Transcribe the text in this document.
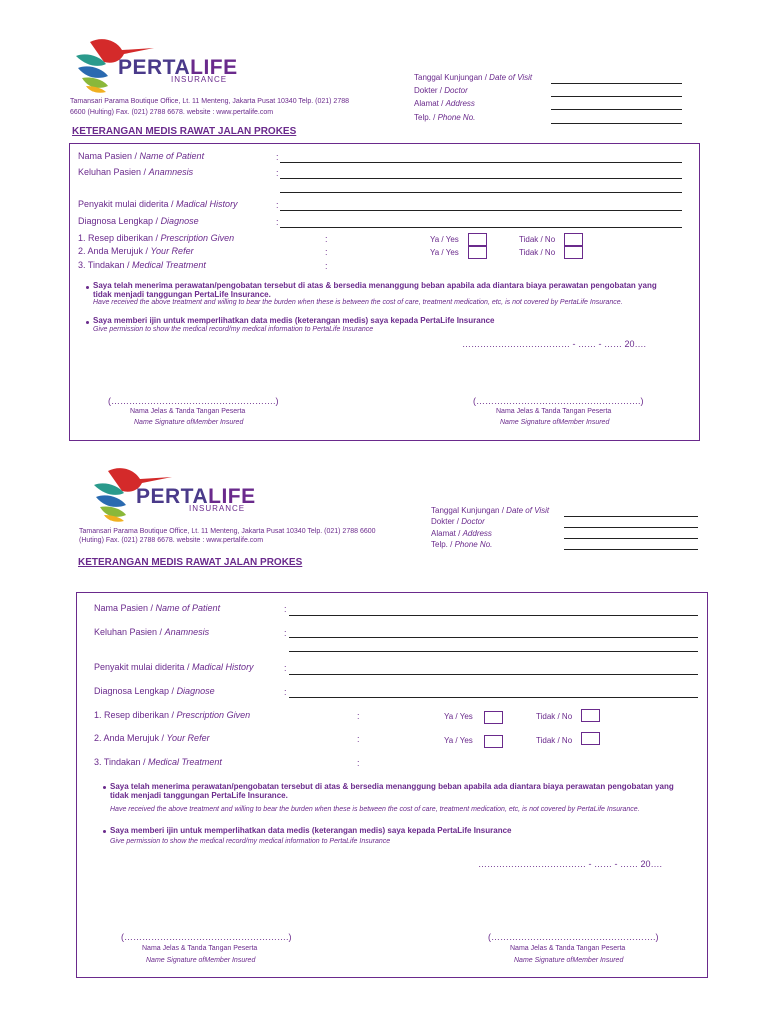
PERTALIFE
INSURANCE
Tamansari Parama Boutique Office, Lt. 11 Menteng, Jakarta Pusat 10340 Telp. (021) 2788 6600 (Hulting) Fax. (021) 2788 6678. website : www.pertalife.com
Tanggal Kunjungan / Date of Visit
Dokter / Doctor
Alamat / Address
Telp. / Phone No.
KETERANGAN MEDIS RAWAT JALAN PROKES
Nama Pasien / Name of Patient	:
Keluhan Pasien / Anamnesis	:
Penyakit mulai diderita / Madical History	:
Diagnosa Lengkap / Diagnose	:
1. Resep diberikan / Prescription Given	:	Ya / Yes	Tidak / No
2. Anda Merujuk / Your Refer	:	Ya / Yes	Tidak / No
3. Tindakan / Medical Treatment	:
Saya telah menerima perawatan/pengobatan tersebut di atas & bersedia menanggung beban apabila ada diantara biaya perawatan pengobatan yang tidak menjadi tanggungan PertaLife Insurance.
Have received the above treatment and willing to bear the burden when these is between the cost of care, treatment medication, etc, is not covered by PertaLife Insurance.
Saya memberi ijin untuk memperlihatkan data medis (keterangan medis) saya kepada PertaLife Insurance
Give permission to show the medical record/my medical information to PertaLife Insurance
……………………………… - …… - …… 20….
(……………………………………………….)
Nama Jelas & Tanda Tangan Peserta
Name Signature ofMember Insured
(……………………………………………….)
Nama Jelas & Tanda Tangan Peserta
Name Signature ofMember Insured
PERTALIFE
INSURANCE
Tamansari Parama Boutique Office, Lt. 11 Menteng, Jakarta Pusat 10340 Telp. (021) 2788 6600
(Huting) Fax. (021) 2788 6678. website : www.pertalife.com
Tanggal Kunjungan / Date of Visit
Dokter / Doctor
Alamat / Address
Telp. / Phone No.
KETERANGAN MEDIS RAWAT JALAN PROKES
Nama Pasien / Name of Patient	:
Keluhan Pasien / Anamnesis	:
Penyakit mulai diderita / Madical History	:
Diagnosa Lengkap / Diagnose	:
1. Resep diberikan / Prescription Given	:	Ya / Yes	Tidak / No
2. Anda Merujuk / Your Refer	:	Ya / Yes	Tidak / No
3. Tindakan / Medical Treatment	:
Saya telah menerima perawatan/pengobatan tersebut di atas & bersedia menanggung beban apabila ada diantara biaya perawatan pengobatan yang tidak menjadi tanggungan PertaLife Insurance.
Have received the above treatment and willing to bear the burden when these is between the cost of care, treatment medication, etc, is not covered by PertaLife Insurance.
Saya memberi ijin untuk memperlihatkan data medis (keterangan medis) saya kepada PertaLife Insurance
Give permission to show the medical record/my medical information to PertaLife Insurance
……………………………… - …… - …… 20….
(……………………………………………….)
Nama Jelas & Tanda Tangan Peserta
Name Signature ofMember Insured
(……………………………………………….)
Nama Jelas & Tanda Tangan Peserta
Name Signature ofMember Insured
